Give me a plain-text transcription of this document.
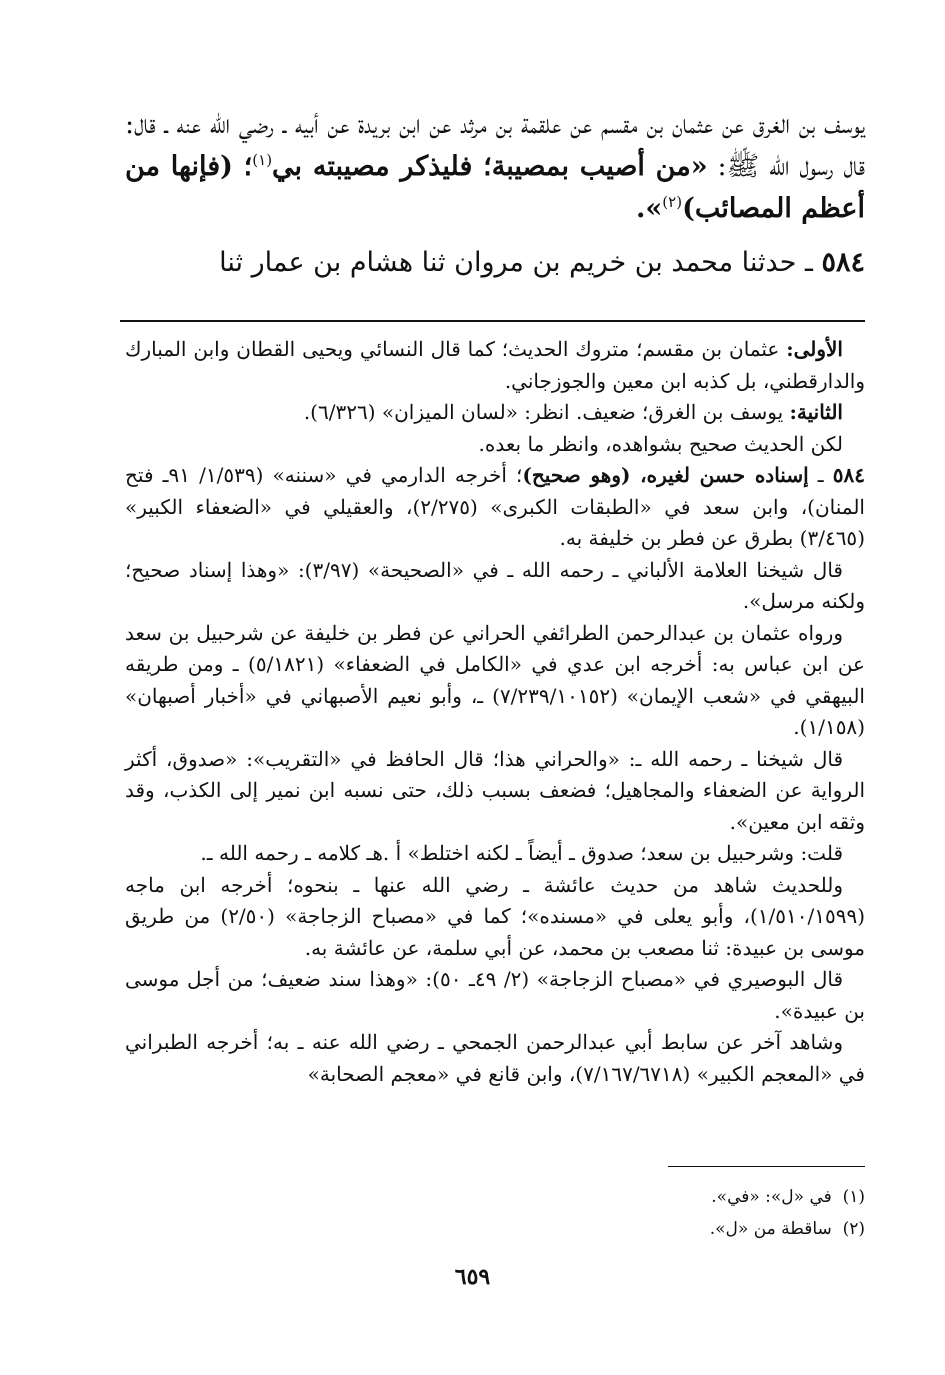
يوسف بن الغرق عن عثمان بن مقسم عن علقمة بن مرثد عن ابن بريدة عن أبيه ـ رضي الله عنه ـ قال: قال رسول الله ﷺ: «من أصيب بمصيبة؛ فليذكر مصيبته بي$^{(١)}$؛ (فإنها من أعظم المصائب)$^{(٢)}$».

٥٨٤ ـ حدثنا محمد بن خريم بن مروان ثنا هشام بن عمار ثنا

الأولى: عثمان بن مقسم؛ متروك الحديث؛ كما قال النسائي ويحيى القطان وابن المبارك والدارقطني، بل كذبه ابن معين والجوزجاني.

الثانية: يوسف بن الغرق؛ ضعيف. انظر: «لسان الميزان» (٦/٣٢٦).

لكن الحديث صحيح بشواهده، وانظر ما بعده.

٥٨٤ ـ إسناده حسن لغيره، (وهو صحيح)؛ أخرجه الدارمي في «سننه» (١/٥٣٩/ ٩١ـ فتح المنان)، وابن سعد في «الطبقات الكبرى» (٢/٢٧٥)، والعقيلي في «الضعفاء الكبير» (٣/٤٦٥) بطرق عن فطر بن خليفة به.

قال شيخنا العلامة الألباني ـ رحمه الله ـ في «الصحيحة» (٣/٩٧): «وهذا إسناد صحيح؛ ولكنه مرسل».

ورواه عثمان بن عبدالرحمن الطرائفي الحراني عن فطر بن خليفة عن شرحبيل بن سعد عن ابن عباس به: أخرجه ابن عدي في «الكامل في الضعفاء» (٥/١٨٢١) ـ ومن طريقه البيهقي في «شعب الإيمان» (٧/٢٣٩/١٠١٥٢) ـ، وأبو نعيم الأصبهاني في «أخبار أصبهان» (١/١٥٨).

قال شيخنا ـ رحمه الله ـ: «والحراني هذا؛ قال الحافظ في «التقريب»: «صدوق، أكثر الرواية عن الضعفاء والمجاهيل؛ فضعف بسبب ذلك، حتى نسبه ابن نمير إلى الكذب، وقد وثقه ابن معين».

قلت: وشرحبيل بن سعد؛ صدوق ـ أيضاً ـ لكنه اختلط» أ .هـ كلامه ـ رحمه الله ـ.

وللحديث شاهد من حديث عائشة ـ رضي الله عنها ـ بنحوه؛ أخرجه ابن ماجه (١/٥١٠/١٥٩٩)، وأبو يعلى في «مسنده»؛ كما في «مصباح الزجاجة» (٢/٥٠) من طريق موسى بن عبيدة: ثنا مصعب بن محمد، عن أبي سلمة، عن عائشة به.

قال البوصيري في «مصباح الزجاجة» (٢/ ٤٩ـ ٥٠): «وهذا سند ضعيف؛ من أجل موسى بن عبيدة».

وشاهد آخر عن سابط أبي عبدالرحمن الجمحي ـ رضي الله عنه ـ به؛ أخرجه الطبراني في «المعجم الكبير» (٧/١٦٧/٦٧١٨)، وابن قانع في «معجم الصحابة»

(١)  في «ل»: «في».

(٢)  ساقطة من «ل».

٦٥٩
